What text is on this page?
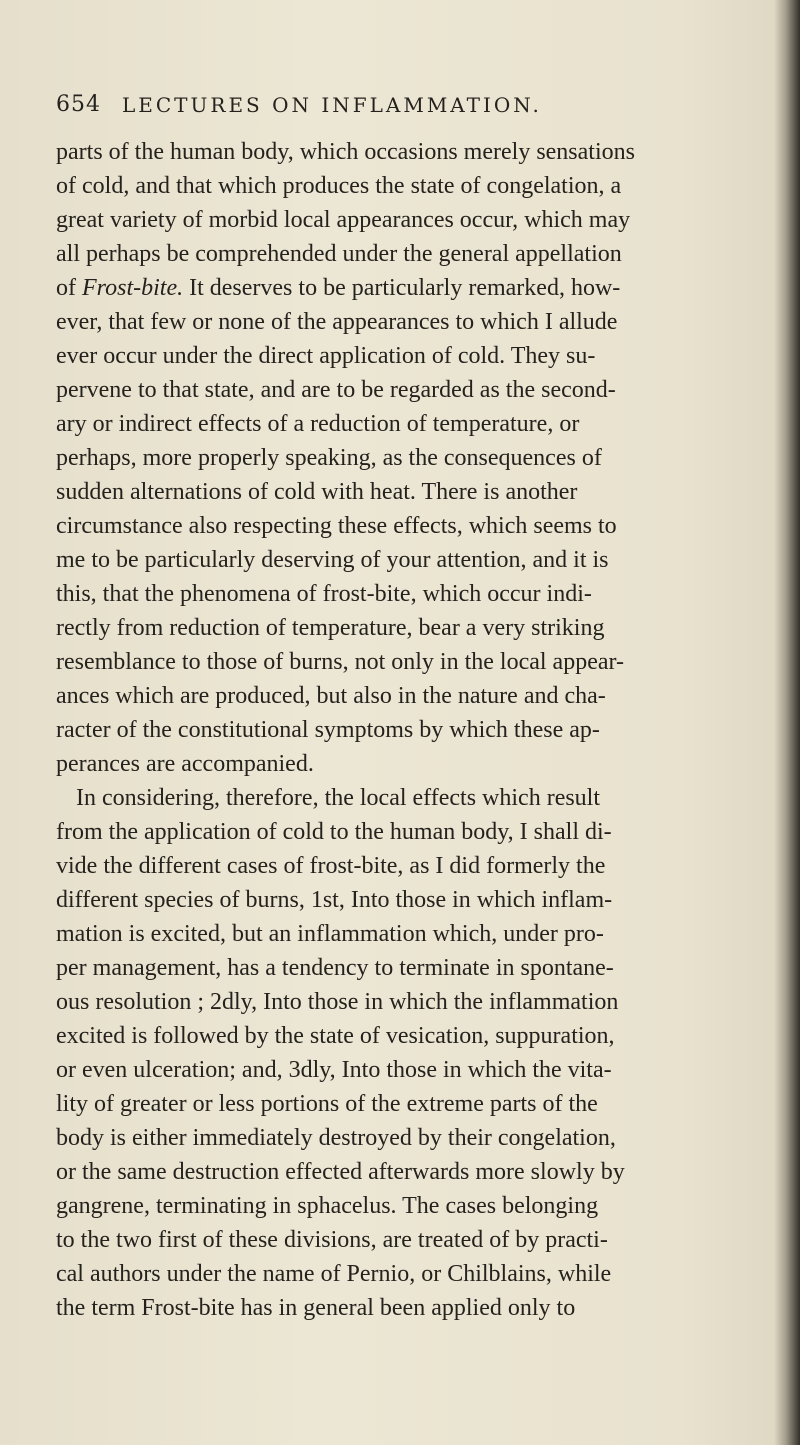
654 LECTURES ON INFLAMMATION.
parts of the human body, which occasions merely sensations
of cold, and that which produces the state of congelation, a
great variety of morbid local appearances occur, which may
all perhaps be comprehended under the general appellation
of Frost-bite. It deserves to be particularly remarked, how-
ever, that few or none of the appearances to which I allude
ever occur under the direct application of cold. They su-
pervene to that state, and are to be regarded as the second-
ary or indirect effects of a reduction of temperature, or
perhaps, more properly speaking, as the consequences of
sudden alternations of cold with heat. There is another
circumstance also respecting these effects, which seems to
me to be particularly deserving of your attention, and it is
this, that the phenomena of frost-bite, which occur indi-
rectly from reduction of temperature, bear a very striking
resemblance to those of burns, not only in the local appear-
ances which are produced, but also in the nature and cha-
racter of the constitutional symptoms by which these ap-
perances are accompanied.
In considering, therefore, the local effects which result
from the application of cold to the human body, I shall di-
vide the different cases of frost-bite, as I did formerly the
different species of burns, 1st, Into those in which inflam-
mation is excited, but an inflammation which, under pro-
per management, has a tendency to terminate in spontane-
ous resolution ; 2dly, Into those in which the inflammation
excited is followed by the state of vesication, suppuration,
or even ulceration; and, 3dly, Into those in which the vita-
lity of greater or less portions of the extreme parts of the
body is either immediately destroyed by their congelation,
or the same destruction effected afterwards more slowly by
gangrene, terminating in sphacelus. The cases belonging
to the two first of these divisions, are treated of by practi-
cal authors under the name of Pernio, or Chilblains, while
the term Frost-bite has in general been applied only to
